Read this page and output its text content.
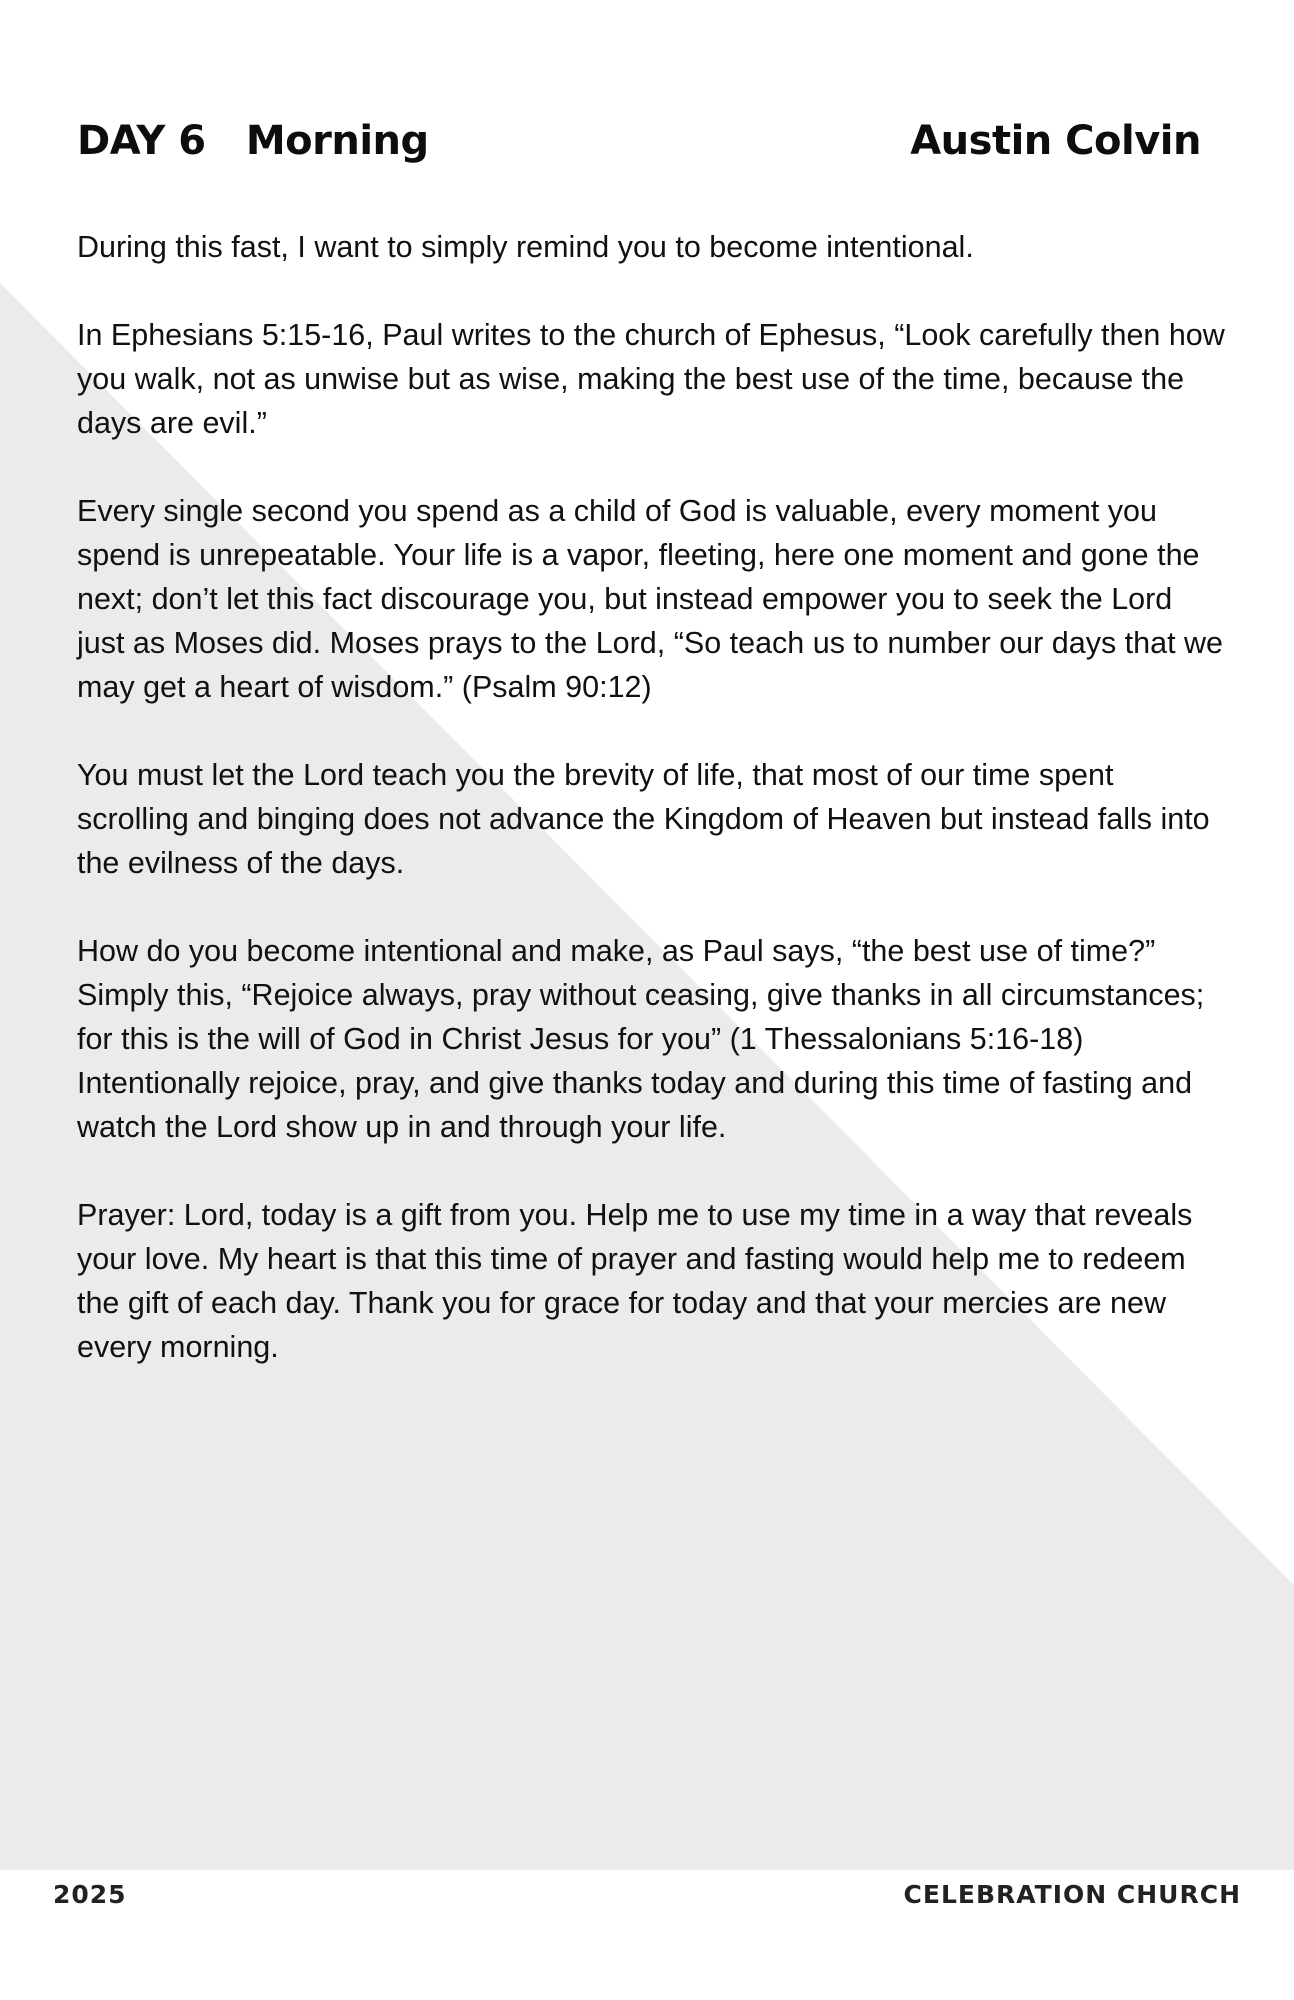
DAY 6   Morning	Austin Colvin

During this fast, I want to simply remind you to become intentional.

In Ephesians 5:15-16, Paul writes to the church of Ephesus, “Look carefully then how you walk, not as unwise but as wise, making the best use of the time, because the days are evil.”

Every single second you spend as a child of God is valuable, every moment you spend is unrepeatable. Your life is a vapor, fleeting, here one moment and gone the next; don’t let this fact discourage you, but instead empower you to seek the Lord just as Moses did. Moses prays to the Lord, “So teach us to number our days that we may get a heart of wisdom.” (Psalm 90:12)

You must let the Lord teach you the brevity of life, that most of our time spent scrolling and binging does not advance the Kingdom of Heaven but instead falls into the evilness of the days.

How do you become intentional and make, as Paul says, “the best use of time?” Simply this, “Rejoice always, pray without ceasing, give thanks in all circumstances; for this is the will of God in Christ Jesus for you” (1 Thessalonians 5:16-18)

Intentionally rejoice, pray, and give thanks today and during this time of fasting and watch the Lord show up in and through your life.

Prayer: Lord, today is a gift from you. Help me to use my time in a way that reveals your love. My heart is that this time of prayer and fasting would help me to redeem the gift of each day. Thank you for grace for today and that your mercies are new every morning.

2025	CELEBRATION CHURCH
